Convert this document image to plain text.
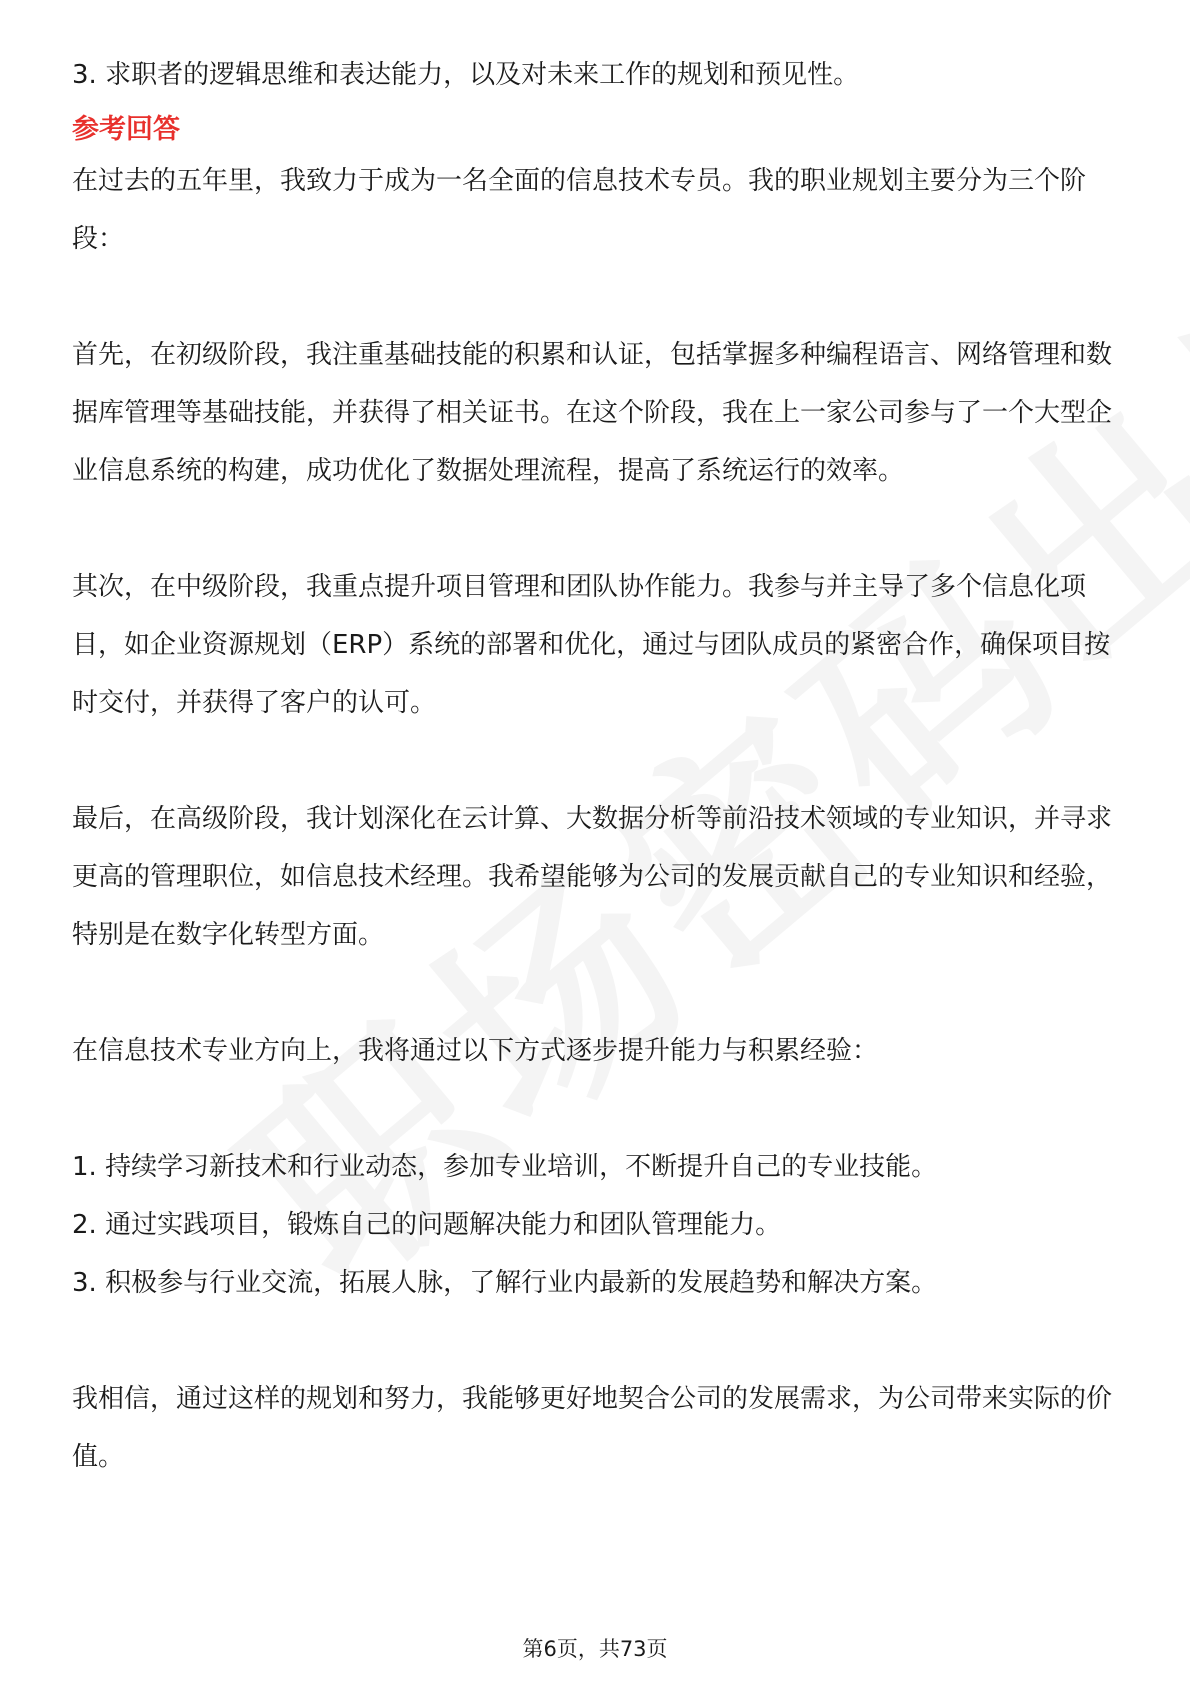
3. 求职者的逻辑思维和表达能力，以及对未来工作的规划和预见性。

参考回答

在过去的五年里，我致力于成为一名全面的信息技术专员。我的职业规划主要分为三个阶段：

首先，在初级阶段，我注重基础技能的积累和认证，包括掌握多种编程语言、网络管理和数据库管理等基础技能，并获得了相关证书。在这个阶段，我在上一家公司参与了一个大型企业信息系统的构建，成功优化了数据处理流程，提高了系统运行的效率。

其次，在中级阶段，我重点提升项目管理和团队协作能力。我参与并主导了多个信息化项目，如企业资源规划（ERP）系统的部署和优化，通过与团队成员的紧密合作，确保项目按时交付，并获得了客户的认可。

最后，在高级阶段，我计划深化在云计算、大数据分析等前沿技术领域的专业知识，并寻求更高的管理职位，如信息技术经理。我希望能够为公司的发展贡献自己的专业知识和经验，特别是在数字化转型方面。

在信息技术专业方向上，我将通过以下方式逐步提升能力与积累经验：

1. 持续学习新技术和行业动态，参加专业培训，不断提升自己的专业技能。
2. 通过实践项目，锻炼自己的问题解决能力和团队管理能力。
3. 积极参与行业交流，拓展人脉，了解行业内最新的发展趋势和解决方案。

我相信，通过这样的规划和努力，我能够更好地契合公司的发展需求，为公司带来实际的价值。

第6页，共73页
